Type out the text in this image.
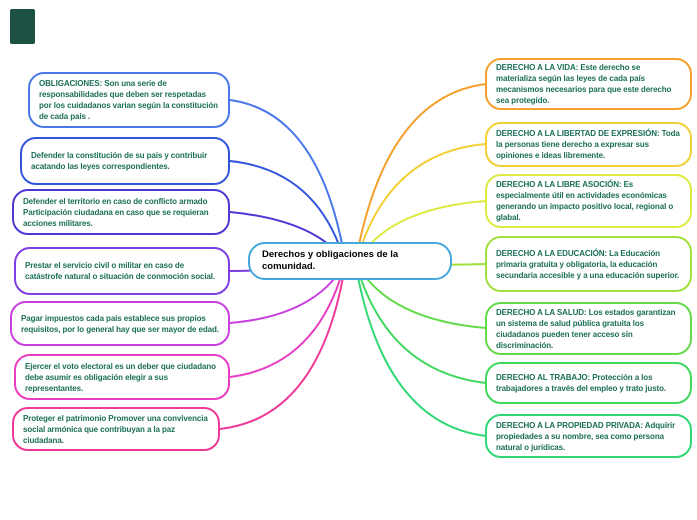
OBLIGACIONES: Son una serie de responsabilidades que deben ser respetadas por los cuidadanos varian según la constitución de cada país .
Defender la constitución de su país y contribuir acatando las leyes correspondientes.
Defender el territorio en caso de conflicto armado Participación ciudadana en caso que se requieran acciones militares.
Prestar el servicio civil o militar en caso de catástrofe natural o situación de conmoción social.
Pagar impuestos cada país establece sus propios requisitos, por lo general hay que ser mayor de edad.
Ejercer el voto electoral es un deber que ciudadano debe asumir es obligación elegir a sus representantes.
Proteger el patrimonio Promover una convivencia social armónica que contribuyan a la paz ciudadana.
DERECHO A LA VIDA: Este derecho se materializa según las leyes de cada país mecanismos necesarios para que este derecho sea protegido.
DERECHO A LA LIBERTAD DE EXPRESIÓN: Toda la personas tiene derecho a expresar sus opiniones e ideas libremente.
DERECHO A LA LIBRE ASOCIÓN: Es especialmente útil en actividades económicas generando un impacto positivo local, regional o glabal.
DERECHO A LA EDUCACIÓN: La Educación primaria gratuita y obligatoria, la educación secundaria accesible y a una educación superior.
DERECHO A LA SALUD: Los estados garantizan un sistema de salud pública gratuita los ciudadanos pueden tener acceso sin discriminación.
DERECHO AL TRABAJO: Protección a los trabajadores a través del empleo y trato justo.
DERECHO A LA PROPIEDAD PRIVADA: Adquirir propiedades a su nombre, sea como persona natural o jurídicas.
Derechos y obligaciones de la comunidad.
